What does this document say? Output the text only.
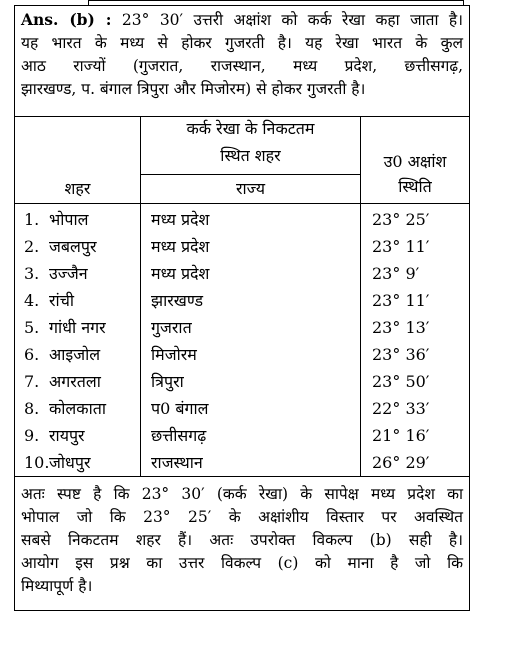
Ans. (b) : 23° 30′ उत्तरी अक्षांश को कर्क रेखा कहा जाता है।
यह भारत के मध्य से होकर गुजरती है। यह रेखा भारत के कुल
आठ राज्यों (गुजरात, राजस्थान, मध्य प्रदेश, छत्तीसगढ़,
झारखण्ड, प. बंगाल त्रिपुरा और मिजोरम) से होकर गुजरती है।
कर्क रेखा के निकटतम
स्थित शहर
शहर	राज्य
उ0 अक्षांश
स्थिति
1. भोपाल	मध्य प्रदेश	23° 25′
2. जबलपुर	मध्य प्रदेश	23° 11′
3. उज्जैन	मध्य प्रदेश	23° 9′
4. रांची	झारखण्ड	23° 11′
5. गांधी नगर	गुजरात	23° 13′
6. आइजोल	मिजोरम	23° 36′
7. अगरतला	त्रिपुरा	23° 50′
8. कोलकाता	प0 बंगाल	22° 33′
9. रायपुर	छत्तीसगढ़	21° 16′
10. जोधपुर	राजस्थान	26° 29′
अतः स्पष्ट है कि 23° 30′ (कर्क रेखा) के सापेक्ष मध्य प्रदेश का
भोपाल जो कि 23° 25′ के अक्षांशीय विस्तार पर अवस्थित
सबसे निकटतम शहर हैं। अतः उपरोक्त विकल्प (b) सही है।
आयोग इस प्रश्न का उत्तर विकल्प (c) को माना है जो कि
मिथ्यापूर्ण है।
